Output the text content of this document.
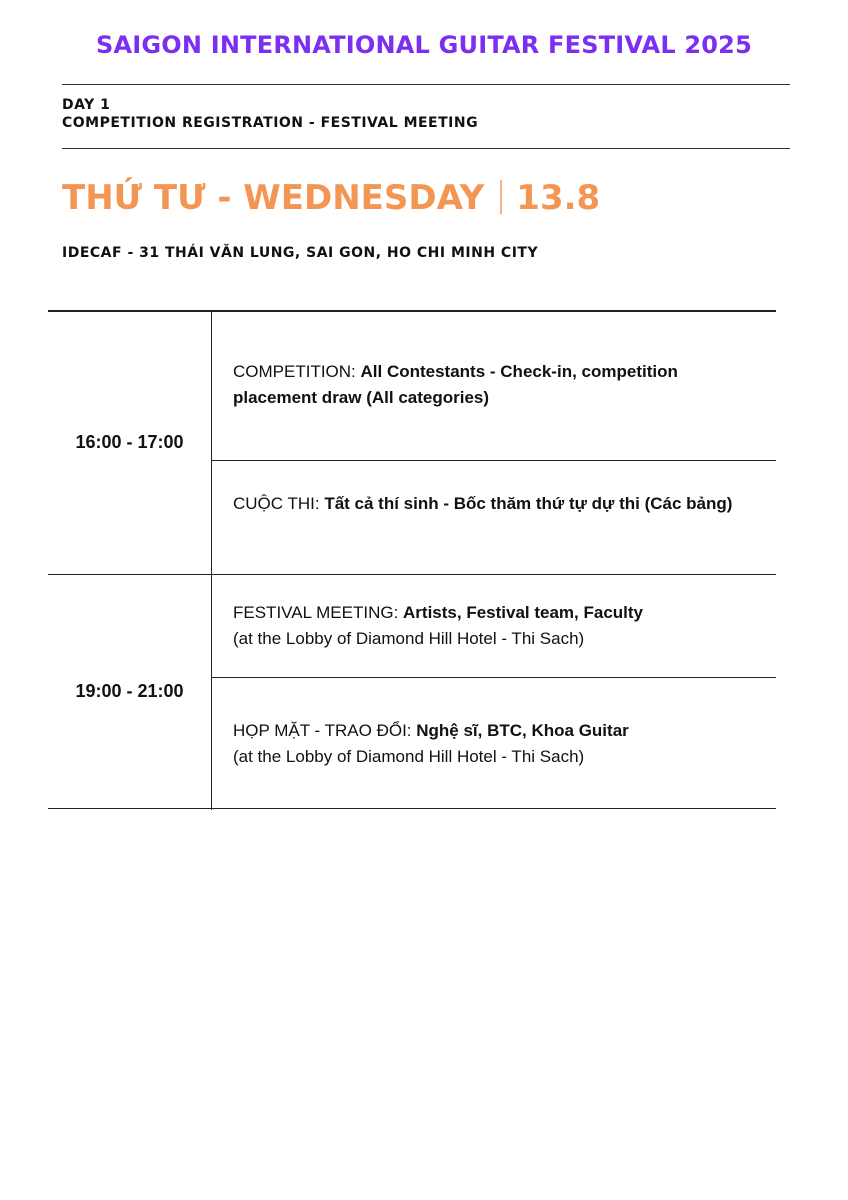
SAIGON INTERNATIONAL GUITAR FESTIVAL 2025
DAY 1
COMPETITION REGISTRATION - FESTIVAL MEETING
THỨ TƯ - WEDNESDAY 13.8
IDECAF - 31 THÁI VĂN LUNG, SAI GON, HO CHI MINH CITY
16:00 - 17:00
COMPETITION: All Contestants - Check-in, competition placement draw (All categories)
CUỘC THI: Tất cả thí sinh - Bốc thăm thứ tự dự thi (Các bảng)
19:00 - 21:00
FESTIVAL MEETING: Artists, Festival team, Faculty
(at the Lobby of Diamond Hill Hotel - Thi Sach)
HỌP MẶT - TRAO ĐỔI: Nghệ sĩ, BTC, Khoa Guitar
(at the Lobby of Diamond Hill Hotel - Thi Sach)
